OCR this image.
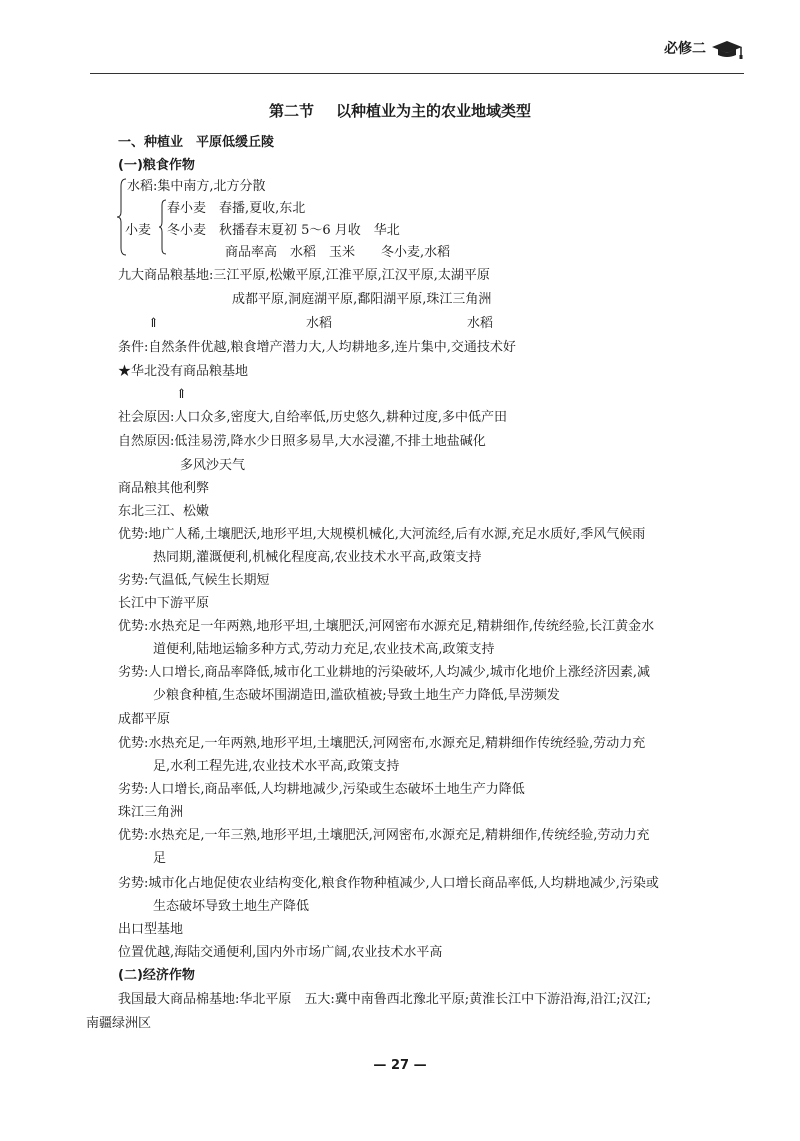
必修二
第二节 以种植业为主的农业地域类型
一、种植业　平原低缓丘陵
(一)粮食作物
水稻:集中南方,北方分散
春小麦　春播,夏收,东北
小麦 冬小麦　秋播春末夏初 5～6 月收　华北
商品率高　水稻　玉米　　冬小麦,水稻
九大商品粮基地:三江平原,松嫩平原,江淮平原,江汉平原,太湖平原
成都平原,洞庭湖平原,鄱阳湖平原,珠江三角洲
⇑	水稻	水稻
条件:自然条件优越,粮食增产潜力大,人均耕地多,连片集中,交通技术好
★华北没有商品粮基地
⇑
社会原因:人口众多,密度大,自给率低,历史悠久,耕种过度,多中低产田
自然原因:低洼易涝,降水少日照多易旱,大水浸灌,不排土地盐碱化
多风沙天气
商品粮其他利弊
东北三江、松嫩
优势:地广人稀,土壤肥沃,地形平坦,大规模机械化,大河流经,后有水源,充足水质好,季风气候雨
热同期,灌溉便利,机械化程度高,农业技术水平高,政策支持
劣势:气温低,气候生长期短
长江中下游平原
优势:水热充足一年两熟,地形平坦,土壤肥沃,河网密布水源充足,精耕细作,传统经验,长江黄金水
道便利,陆地运输多种方式,劳动力充足,农业技术高,政策支持
劣势:人口增长,商品率降低,城市化工业耕地的污染破坏,人均减少,城市化地价上涨经济因素,减
少粮食种植,生态破坏围湖造田,滥砍植被;导致土地生产力降低,旱涝频发
成都平原
优势:水热充足,一年两熟,地形平坦,土壤肥沃,河网密布,水源充足,精耕细作传统经验,劳动力充
足,水利工程先进,农业技术水平高,政策支持
劣势:人口增长,商品率低,人均耕地减少,污染或生态破坏土地生产力降低
珠江三角洲
优势:水热充足,一年三熟,地形平坦,土壤肥沃,河网密布,水源充足,精耕细作,传统经验,劳动力充
足
劣势:城市化占地促使农业结构变化,粮食作物种植减少,人口增长商品率低,人均耕地减少,污染或
生态破坏导致土地生产降低
出口型基地
位置优越,海陆交通便利,国内外市场广阔,农业技术水平高
(二)经济作物
我国最大商品棉基地:华北平原　五大:冀中南鲁西北豫北平原;黄淮长江中下游沿海,沿江;汉江;
南疆绿洲区
— 27 —
